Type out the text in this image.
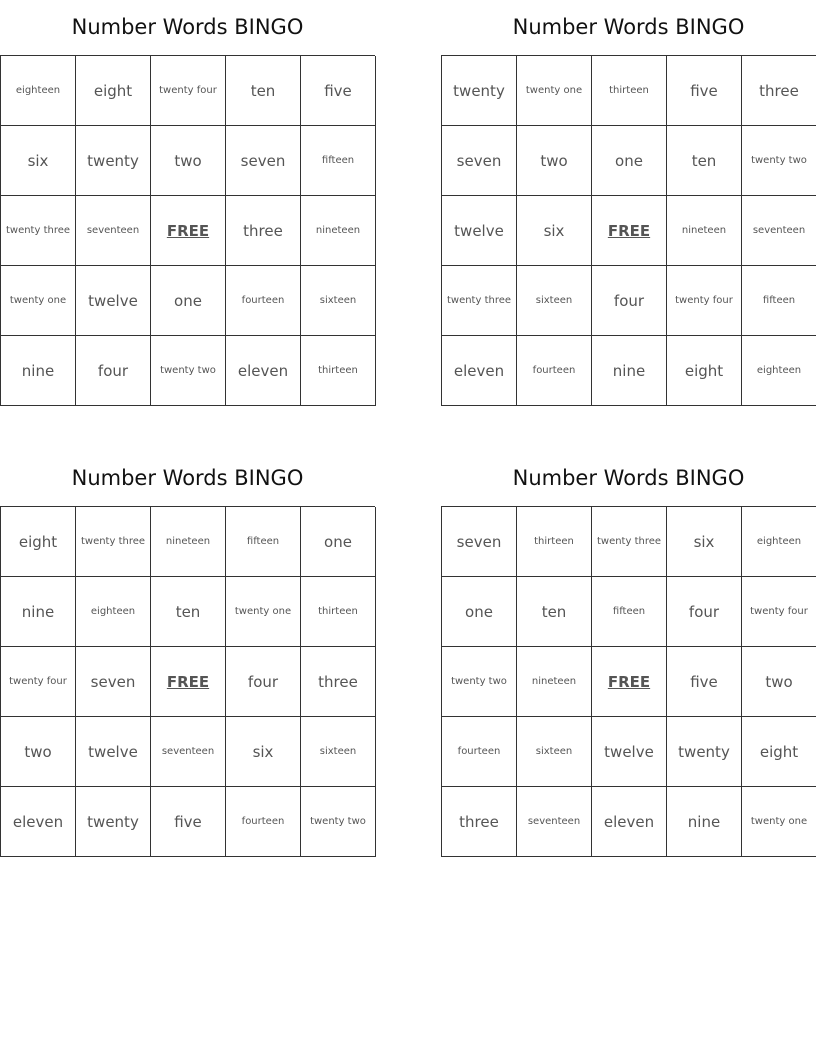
Number Words BINGO
eighteen	eight	twenty four	ten	five
six	twenty	two	seven	fifteen
twenty three	seventeen	FREE	three	nineteen
twenty one	twelve	one	fourteen	sixteen
nine	four	twenty two	eleven	thirteen
Number Words BINGO
twenty	twenty one	thirteen	five	three
seven	two	one	ten	twenty two
twelve	six	FREE	nineteen	seventeen
twenty three	sixteen	four	twenty four	fifteen
eleven	fourteen	nine	eight	eighteen
Number Words BINGO
eight	twenty three	nineteen	fifteen	one
nine	eighteen	ten	twenty one	thirteen
twenty four	seven	FREE	four	three
two	twelve	seventeen	six	sixteen
eleven	twenty	five	fourteen	twenty two
Number Words BINGO
seven	thirteen	twenty three	six	eighteen
one	ten	fifteen	four	twenty four
twenty two	nineteen	FREE	five	two
fourteen	sixteen	twelve	twenty	eight
three	seventeen	eleven	nine	twenty one
